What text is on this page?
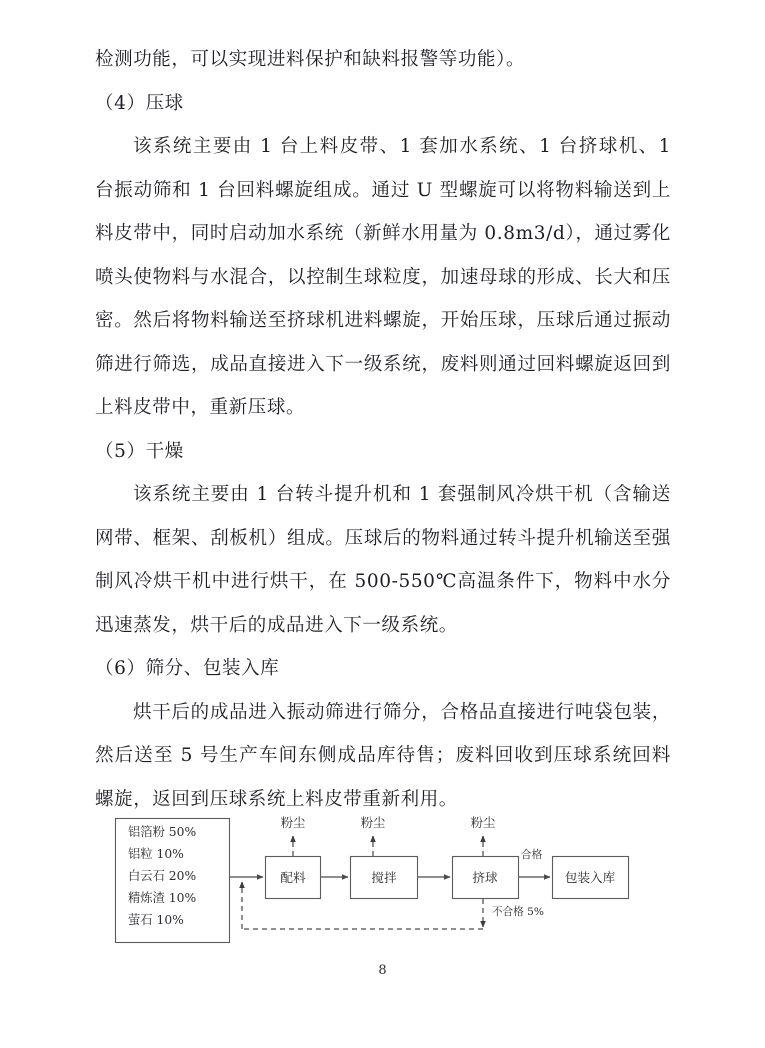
检测功能，可以实现进料保护和缺料报警等功能）。

（4）压球

该系统主要由 1 台上料皮带、1 套加水系统、1 台挤球机、1 台振动筛和 1 台回料螺旋组成。通过 U 型螺旋可以将物料输送到上料皮带中，同时启动加水系统（新鲜水用量为 0.8m3/d），通过雾化喷头使物料与水混合，以控制生球粒度，加速母球的形成、长大和压密。然后将物料输送至挤球机进料螺旋，开始压球，压球后通过振动筛进行筛选，成品直接进入下一级系统，废料则通过回料螺旋返回到上料皮带中，重新压球。

（5）干燥

该系统主要由 1 台转斗提升机和 1 套强制风冷烘干机（含输送网带、框架、刮板机）组成。压球后的物料通过转斗提升机输送至强制风冷烘干机中进行烘干，在 500-550℃高温条件下，物料中水分迅速蒸发，烘干后的成品进入下一级系统。

（6）筛分、包装入库

烘干后的成品进入振动筛进行筛分，合格品直接进行吨袋包装，然后送至 5 号生产车间东侧成品库待售；废料回收到压球系统回料螺旋，返回到压球系统上料皮带重新利用。

铝箔粉 50%
铝粒 10%
白云石 20%
精炼渣 10%
萤石 10%
配料	搅拌	挤球
合格
包装入库
粉尘	粉尘	粉尘
不合格 5%
8
